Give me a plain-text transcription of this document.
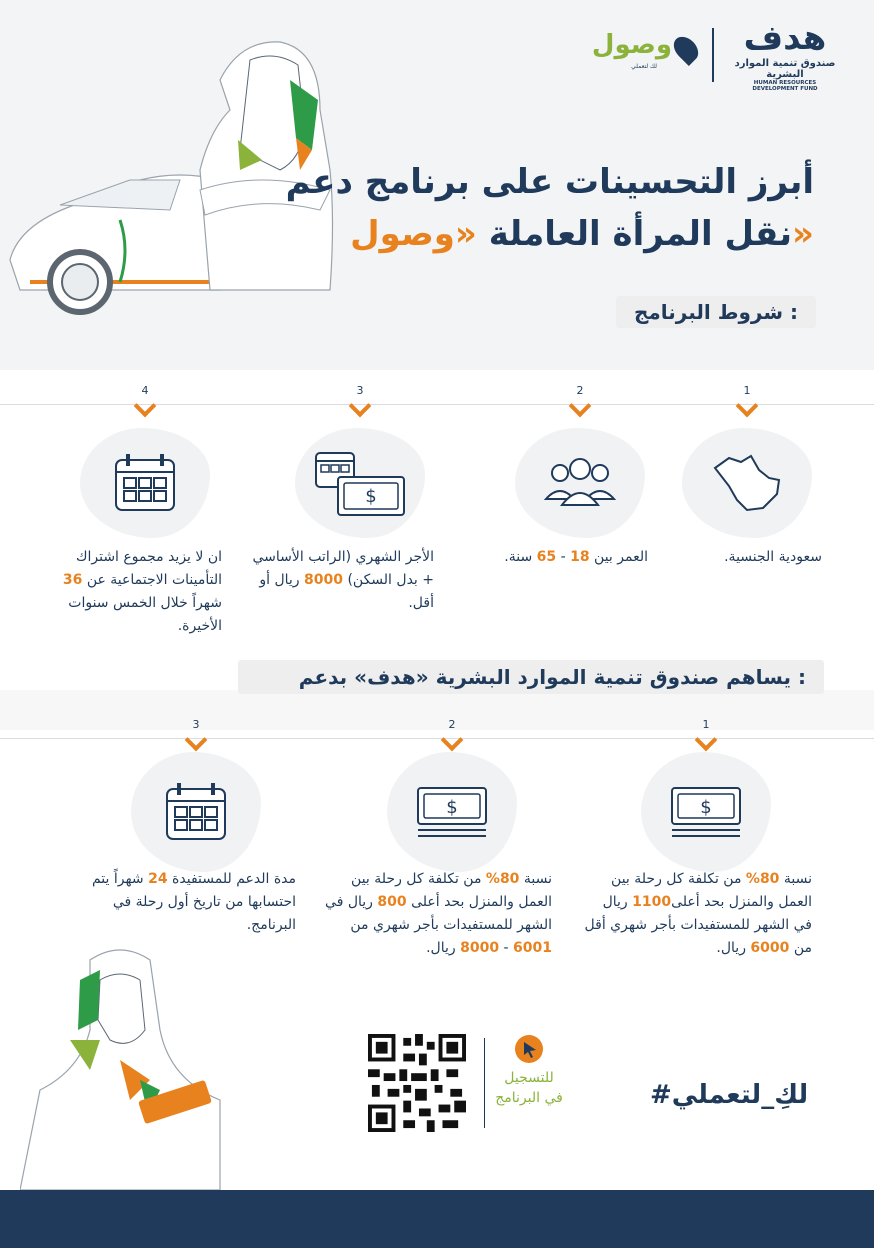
هدف
صندوق تنمية الموارد البشرية
HUMAN RESOURCES DEVELOPMENT FUND
وصول
لك لتعملي
أبرز التحسينات على برنامج دعم
نقل المرأة العاملة «وصول»
شروط البرنامج :
1
سعودية الجنسية.
2
العمر بين 18 - 65 سنة.
3
$
الأجر الشهري (الراتب الأساسي + بدل السكن) 8000 ريال أو أقل.
4
ان لا يزيد مجموع اشتراك التأمينات الاجتماعية عن 36 شهراً خلال الخمس سنوات الأخيرة.
يساهم صندوق تنمية الموارد البشرية «هدف» بدعم :
1
$
نسبة 80% من تكلفة كل رحلة بين العمل والمنزل بحد أعلى1100 ريال في الشهر للمستفيدات بأجر شهري أقل من 6000 ريال.
2
$
نسبة 80% من تكلفة كل رحلة بين العمل والمنزل بحد أعلى 800 ريال في الشهر للمستفيدات بأجر شهري من 6001 - 8000 ريال.
3
مدة الدعم للمستفيدة 24 شهراً يتم احتسابها من تاريخ أول رحلة في البرنامج.
للتسجيل
في البرنامج	#لكِ_لتعملي
